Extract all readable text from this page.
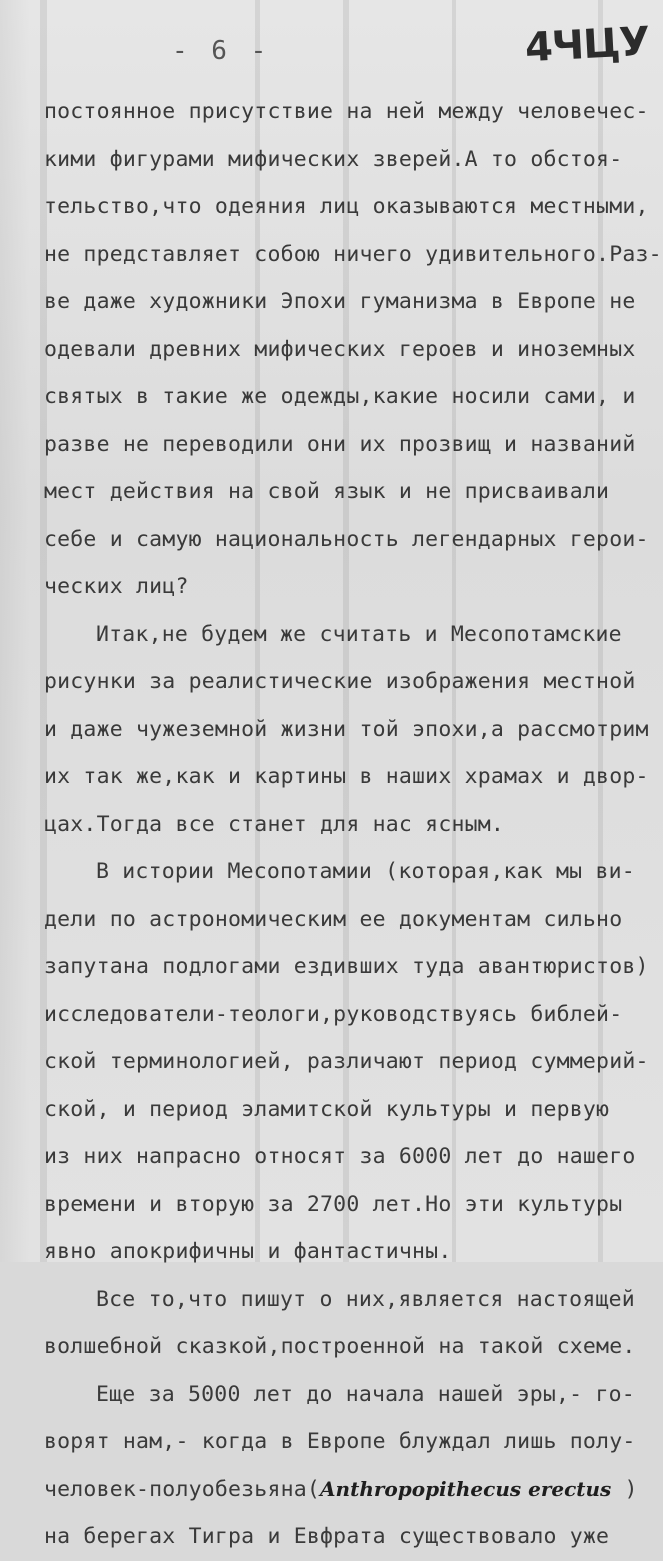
- 6 -	4ЧЦУ
постоянное присутствие на ней между человечес-
кими фигурами мифических зверей.А то обстоя-
тельство,что одеяния лиц оказываются местными,
не представляет собою ничего удивительного.Раз-
ве даже художники Эпохи гуманизма в Европе не
одевали древних мифических героев и иноземных
святых в такие же одежды,какие носили сами, и
разве не переводили они их прозвищ и названий
мест действия на свой язык и не присваивали
себе и самую национальность легендарных герои-
ческих лиц?
Итак,не будем же считать и Месопотамские
рисунки за реалистические изображения местной
и даже чужеземной жизни той эпохи,а рассмотрим
их так же,как и картины в наших храмах и двор-
цах.Тогда все станет для нас ясным.
В истории Месопотамии (которая,как мы ви-
дели по астрономическим ее документам сильно
запутана подлогами ездивших туда авантюристов)
исследователи-теологи,руководствуясь библей-
ской терминологией, различают период суммерий-
ской, и период эламитской культуры и первую
из них напрасно относят за 6000 лет до нашего
времени и вторую за 2700 лет.Но эти культуры
явно апокрифичны и фантастичны.
Все то,что пишут о них,является настоящей
волшебной сказкой,построенной на такой схеме.
Еще за 5000 лет до начала нашей эры,- го-
ворят нам,- когда в Европе блуждал лишь полу-
человек-полуобезьяна(Anthropopithecus erectus )
на берегах Тигра и Евфрата существовало уже
